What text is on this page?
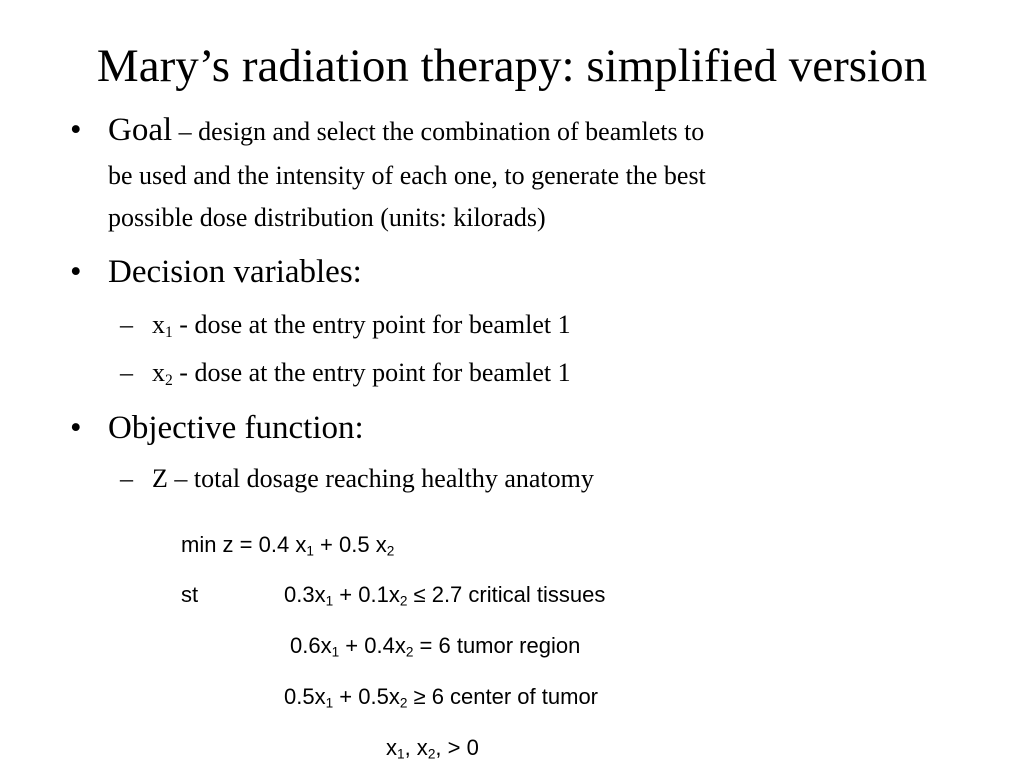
Mary’s radiation therapy: simplified version
• Goal – design and select the combination of beamlets to
be used and the intensity of each one, to generate the best
possible dose distribution (units: kilorads)
• Decision variables:
– $x_1$ - dose at the entry point for beamlet 1
– $x_2$ - dose at the entry point for beamlet 1
• Objective function:
– Z – total dosage reaching healthy anatomy
min z = 0.4 $x_1 + 0.5$ $x_2$
st	$0.3x_1 + 0.1x_2 \le 2.7$ critical tissues
$0.6x_1 + 0.4x_2 = 6$ tumor region
$0.5x_1 + 0.5x_2 \ge 6$ center of tumor
$x_1$, $x_2$, > 0
